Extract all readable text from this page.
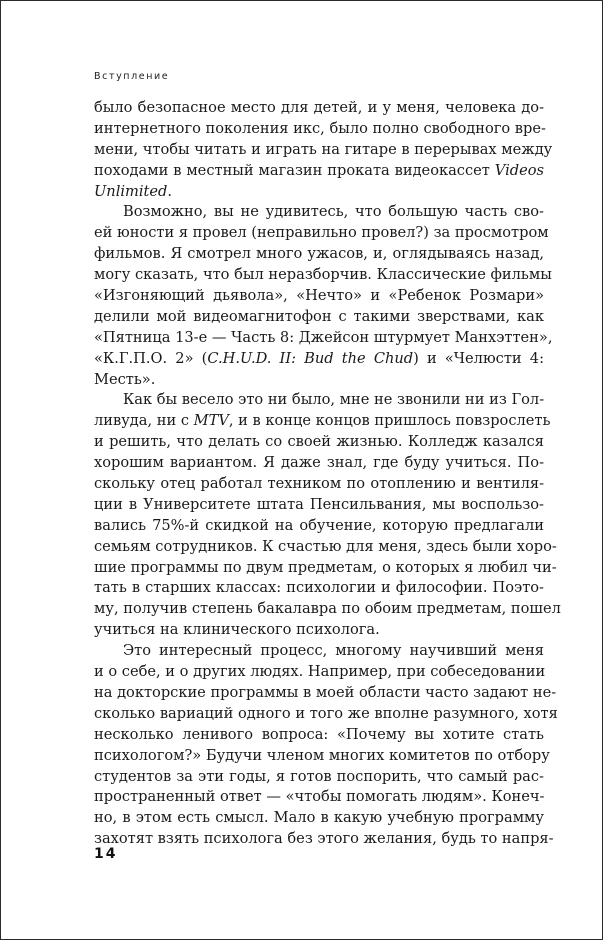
Вступление
было безопасное место для детей, и у меня, человека до-
интернетного поколения икс, было полно свободного вре-
мени, чтобы читать и играть на гитаре в перерывах между
походами в местный магазин проката видеокассет Videos
Unlimited.
Возможно, вы не удивитесь, что большую часть сво-
ей юности я провел (неправильно провел?) за просмотром
фильмов. Я смотрел много ужасов, и, оглядываясь назад,
могу сказать, что был неразборчив. Классические фильмы
«Изгоняющий дьявола», «Нечто» и «Ребенок Розмари»
делили мой видеомагнитофон с такими зверствами, как
«Пятница 13-е — Часть 8: Джейсон штурмует Манхэттен»,
«К.Г.П.О. 2» (C.H.U.D. II: Bud the Chud) и «Челюсти 4:
Месть».
Как бы весело это ни было, мне не звонили ни из Гол-
ливуда, ни с MTV, и в конце концов пришлось повзрослеть
и решить, что делать со своей жизнью. Колледж казался
хорошим вариантом. Я даже знал, где буду учиться. По-
скольку отец работал техником по отоплению и вентиля-
ции в Университете штата Пенсильвания, мы воспользо-
вались 75%-й скидкой на обучение, которую предлагали
семьям сотрудников. К счастью для меня, здесь были хоро-
шие программы по двум предметам, о которых я любил чи-
тать в старших классах: психологии и философии. Поэто-
му, получив степень бакалавра по обоим предметам, пошел
учиться на клинического психолога.
Это интересный процесс, многому научивший меня
и о себе, и о других людях. Например, при собеседовании
на докторские программы в моей области часто задают не-
сколько вариаций одного и того же вполне разумного, хотя
несколько ленивого вопроса: «Почему вы хотите стать
психологом?» Будучи членом многих комитетов по отбору
студентов за эти годы, я готов поспорить, что самый рас-
пространенный ответ — «чтобы помогать людям». Конеч-
но, в этом есть смысл. Мало в какую учебную программу
захотят взять психолога без этого желания, будь то напря-
14
